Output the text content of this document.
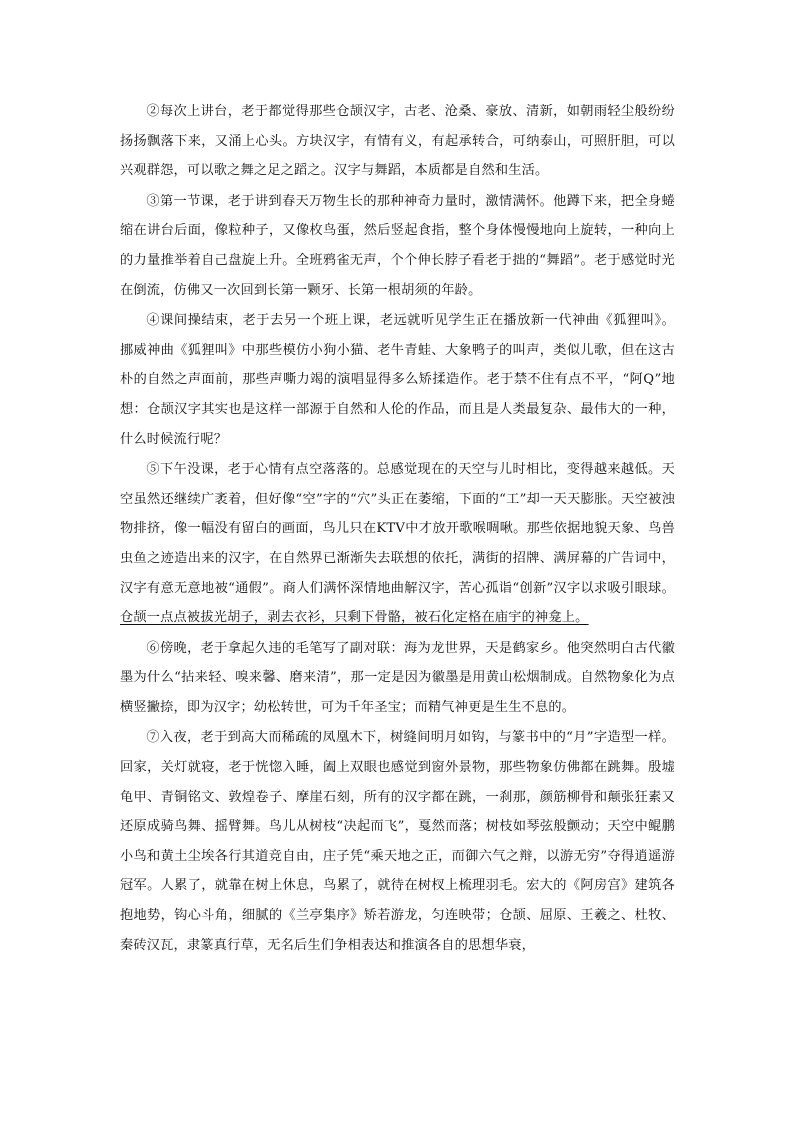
②每次上讲台，老于都觉得那些仓颉汉字，古老、沧桑、豪放、清新，如朝雨轻尘般纷纷扬扬飘落下来，又涌上心头。方块汉字，有情有义，有起承转合，可纳泰山，可照肝胆，可以兴观群怨，可以歌之舞之足之蹈之。汉字与舞蹈，本质都是自然和生活。

③第一节课，老于讲到春天万物生长的那种神奇力量时，激情满怀。他蹲下来，把全身蜷缩在讲台后面，像粒种子，又像枚鸟蛋，然后竖起食指，整个身体慢慢地向上旋转，一种向上的力量推举着自己盘旋上升。全班鸦雀无声，个个伸长脖子看老于拙的“舞蹈”。老于感觉时光在倒流，仿佛又一次回到长第一颗牙、长第一根胡须的年龄。

④课间操结束，老于去另一个班上课，老远就听见学生正在播放新一代神曲《狐狸叫》。挪威神曲《狐狸叫》中那些模仿小狗小猫、老牛青蛙、大象鸭子的叫声，类似儿歌，但在这古朴的自然之声面前，那些声嘶力竭的演唱显得多么矫揉造作。老于禁不住有点不平，“阿Q”地想：仓颉汉字其实也是这样一部源于自然和人伦的作品，而且是人类最复杂、最伟大的一种，什么时候流行呢？

⑤下午没课，老于心情有点空落落的。总感觉现在的天空与儿时相比，变得越来越低。天空虽然还继续广袤着，但好像“空”字的“穴”头正在萎缩，下面的“工”却一天天膨胀。天空被浊物排挤，像一幅没有留白的画面，鸟儿只在KTV中才放开歌喉啁啾。那些依据地貌天象、鸟兽虫鱼之迹造出来的汉字，在自然界已渐渐失去联想的依托，满街的招牌、满屏幕的广告词中，汉字有意无意地被“通假”。商人们满怀深情地曲解汉字，苦心孤诣“创新”汉字以求吸引眼球。仓颉一点点被拔光胡子，剥去衣衫，只剩下骨骼，被石化定格在庙宇的神龛上。

⑥傍晚，老于拿起久违的毛笔写了副对联：海为龙世界，天是鹤家乡。他突然明白古代徽墨为什么“拈来轻、嗅来馨、磨来清”，那一定是因为徽墨是用黄山松烟制成。自然物象化为点横竖撇捺，即为汉字；幼松转世，可为千年圣宝；而精气神更是生生不息的。

⑦入夜，老于到高大而稀疏的凤凰木下，树缝间明月如钩，与篆书中的“月”字造型一样。回家，关灯就寝，老于恍惚入睡，阖上双眼也感觉到窗外景物，那些物象仿佛都在跳舞。殷墟龟甲、青铜铭文、敦煌卷子、摩崖石刻，所有的汉字都在跳，一刹那，颜筋柳骨和颠张狂素又还原成骑鸟舞、摇臂舞。鸟儿从树枝“决起而飞”，戛然而落；树枝如琴弦般颤动；天空中鲲鹏小鸟和黄土尘埃各行其道竞自由，庄子凭“乘天地之正，而御六气之辩，以游无穷”夺得逍遥游冠军。人累了，就靠在树上休息，鸟累了，就待在树杈上梳理羽毛。宏大的《阿房宫》建筑各抱地势，钩心斗角，细腻的《兰亭集序》矫若游龙，匀连映带；仓颉、屈原、王羲之、杜牧、秦砖汉瓦，隶篆真行草，无名后生们争相表达和推演各自的思想华衰，
